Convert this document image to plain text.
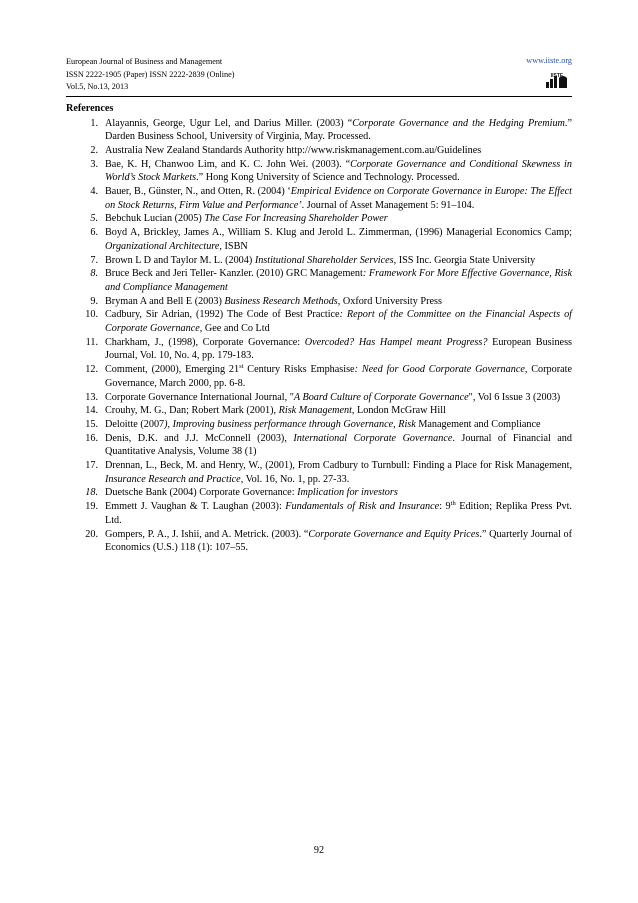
European Journal of Business and Management
ISSN 2222-1905 (Paper) ISSN 2222-2839 (Online)
Vol.5, No.13, 2013
www.iiste.org
IISTE
References
1. Alayannis, George, Ugur Lel, and Darius Miller. (2003) “Corporate Governance and the Hedging Premium.” Darden Business School, University of Virginia, May. Processed.
2. Australia New Zealand Standards Authority http://www.riskmanagement.com.au/Guidelines
3. Bae, K. H, Chanwoo Lim, and K. C. John Wei. (2003). “Corporate Governance and Conditional Skewness in World’s Stock Markets.” Hong Kong University of Science and Technology. Processed.
4. Bauer, B., Günster, N., and Otten, R. (2004) ‘Empirical Evidence on Corporate Governance in Europe: The Effect on Stock Returns, Firm Value and Performance’. Journal of Asset Management 5: 91–104.
5. Bebchuk Lucian (2005) The Case For Increasing Shareholder Power
6. Boyd A, Brickley, James A., William S. Klug and Jerold L. Zimmerman, (1996) Managerial Economics Camp; Organizational Architecture, ISBN
7. Brown L D and Taylor M. L. (2004) Institutional Shareholder Services, ISS Inc. Georgia State University
8. Bruce Beck and Jeri Teller- Kanzler. (2010) GRC Management: Framework For More Effective Governance, Risk and Compliance Management
9. Bryman A and Bell E (2003) Business Research Methods, Oxford University Press
10. Cadbury, Sir Adrian, (1992) The Code of Best Practice: Report of the Committee on the Financial Aspects of Corporate Governance, Gee and Co Ltd
11. Charkham, J., (1998), Corporate Governance: Overcoded? Has Hampel meant Progress? European Business Journal, Vol. 10, No. 4, pp. 179-183.
12. Comment, (2000), Emerging 21st Century Risks Emphasise: Need for Good Corporate Governance, Corporate Governance, March 2000, pp. 6-8.
13. Corporate Governance International Journal, "A Board Culture of Corporate Governance", Vol 6 Issue 3 (2003)
14. Crouhy, M. G., Dan; Robert Mark (2001), Risk Management, London McGraw Hill
15. Deloitte (2007), Improving business performance through Governance, Risk Management and Compliance
16. Denis, D.K. and J.J. McConnell (2003), International Corporate Governance. Journal of Financial and Quantitative Analysis, Volume 38 (1)
17. Drennan, L., Beck, M. and Henry, W., (2001), From Cadbury to Turnbull: Finding a Place for Risk Management, Insurance Research and Practice, Vol. 16, No. 1, pp. 27-33.
18. Duetsche Bank (2004) Corporate Governance: Implication for investors
19. Emmett J. Vaughan & T. Laughan (2003): Fundamentals of Risk and Insurance: 9th Edition; Replika Press Pvt. Ltd.
20. Gompers, P. A., J. Ishii, and A. Metrick. (2003). “Corporate Governance and Equity Prices.” Quarterly Journal of Economics (U.S.) 118 (1): 107–55.
92
